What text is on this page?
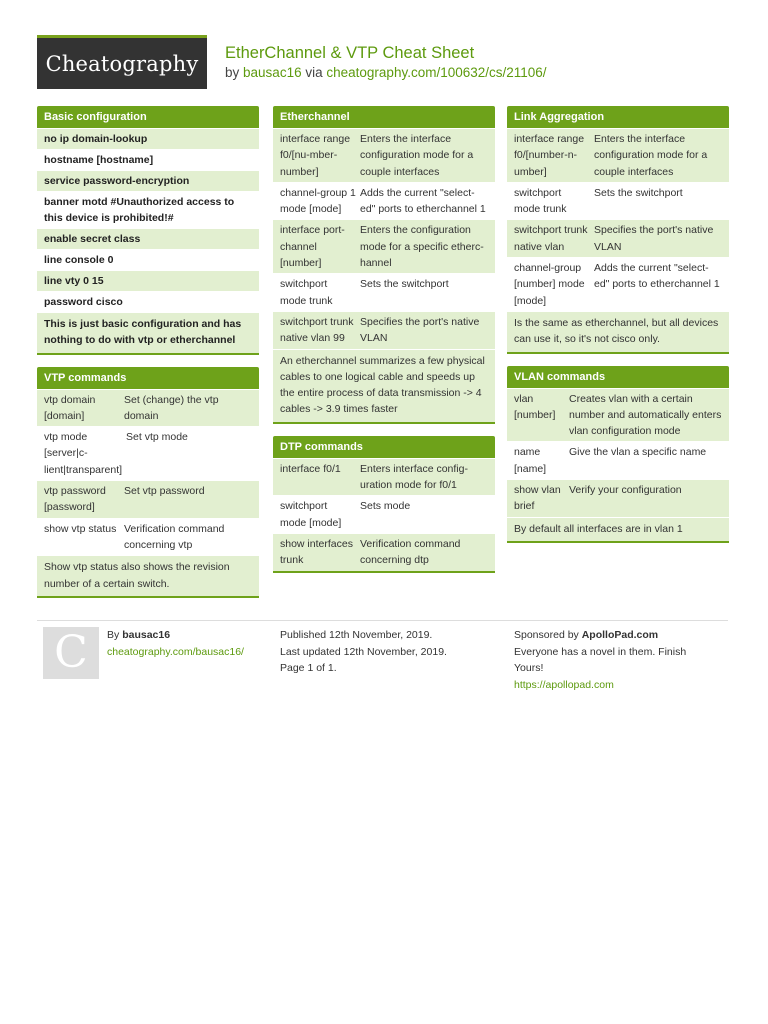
Cheatography EtherChannel & VTP Cheat Sheet
by bausac16 via cheatography.com/100632/cs/21106/
Basic configuration
no ip domain-lookup
hostname [hostname]
service password-encryption
banner motd #Unauthorized access to this device is prohibited!#
enable secret class
line console 0
line vty 0 15
password cisco
This is just basic configuration and has nothing to do with vtp or etherchannel
VTP commands
vtp domain [domain]
Set (change) the vtp domain
vtp mode [server|c-lient|transparent]
Set vtp mode
vtp password [password]
Set vtp password
show vtp status Verification command concerning vtp
Show vtp status also shows the revision number of a certain switch.
Etherchannel
interface range f0/[nu-mber-number]
Enters the interface configuration mode for a couple interfaces
channel-group 1 mode [mode]
Adds the current "select-ed" ports to etherchannel 1
interface port-channel [number]
Enters the configuration mode for a specific etherc-hannel
switchport mode trunk
Sets the switchport
switchport trunk native vlan 99
Specifies the port's native VLAN
An etherchannel summarizes a few physical cables to one logical cable and speeds up the entire process of data transmission -> 4 cables -> 3.9 times faster
DTP commands
interface f0/1	Enters interface config-uration mode for f0/1
switchport mode [mode]
Sets mode
show interfaces trunk
Verification command concerning dtp
Link Aggregation
interface range f0/[number-n-umber]
Enters the interface configuration mode for a couple interfaces
switchport mode trunk
Sets the switchport
switchport trunk native vlan
Specifies the port's native VLAN
channel-group [number] mode [mode]
Adds the current "select-ed" ports to etherchannel 1
Is the same as etherchannel, but all devices can use it, so it's not cisco only.
VLAN commands
vlan [number]
Creates vlan with a certain number and automatically enters vlan configuration mode
name [name]
Give the vlan a specific name
show vlan brief
Verify your configuration
By default all interfaces are in vlan 1
C By bausac16
cheatography.com/bausac16/
Published 12th November, 2019.
Last updated 12th November, 2019.
Page 1 of 1.
Sponsored by ApolloPad.com
Everyone has a novel in them. Finish
Yours!
https://apollopad.com
